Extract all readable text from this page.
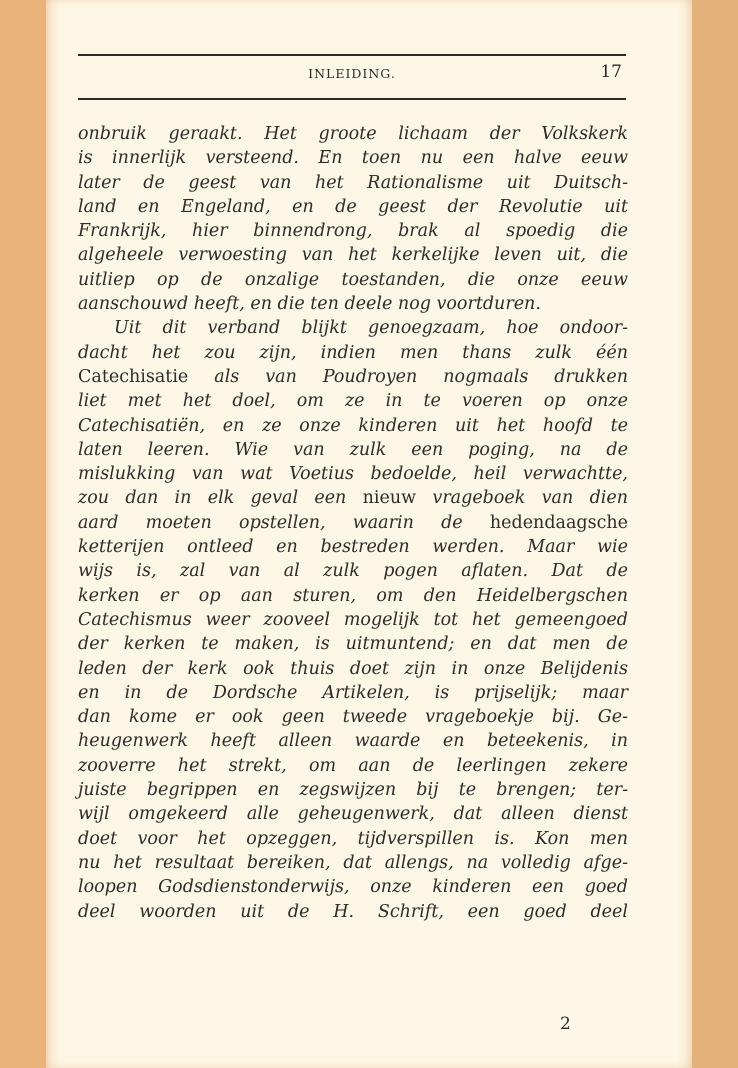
INLEIDING.	17
onbruik geraakt. Het groote lichaam der Volkskerk
is innerlijk versteend. En toen nu een halve eeuw
later de geest van het Rationalisme uit Duitsch-
land en Engeland, en de geest der Revolutie uit
Frankrijk, hier binnendrong, brak al spoedig die
algeheele verwoesting van het kerkelijke leven uit, die
uitliep op de onzalige toestanden, die onze eeuw
aanschouwd heeft, en die ten deele nog voortduren.
Uit dit verband blijkt genoegzaam, hoe ondoor-
dacht het zou zijn, indien men thans zulk één
Catechisatie als van Poudroyen nogmaals drukken
liet met het doel, om ze in te voeren op onze
Catechisatiën, en ze onze kinderen uit het hoofd te
laten leeren. Wie van zulk een poging, na de
mislukking van wat Voetius bedoelde, heil verwachtte,
zou dan in elk geval een nieuw vrageboek van dien
aard moeten opstellen, waarin de hedendaagsche
ketterijen ontleed en bestreden werden. Maar wie
wijs is, zal van al zulk pogen aflaten. Dat de
kerken er op aan sturen, om den Heidelbergschen
Catechismus weer zooveel mogelijk tot het gemeengoed
der kerken te maken, is uitmuntend; en dat men de
leden der kerk ook thuis doet zijn in onze Belijdenis
en in de Dordsche Artikelen, is prijselijk; maar
dan kome er ook geen tweede vrageboekje bij. Ge-
heugenwerk heeft alleen waarde en beteekenis, in
zooverre het strekt, om aan de leerlingen zekere
juiste begrippen en zegswijzen bij te brengen; ter-
wijl omgekeerd alle geheugenwerk, dat alleen dienst
doet voor het opzeggen, tijdverspillen is. Kon men
nu het resultaat bereiken, dat allengs, na volledig afge-
loopen Godsdienstonderwijs, onze kinderen een goed
deel woorden uit de H. Schrift, een goed deel
2
